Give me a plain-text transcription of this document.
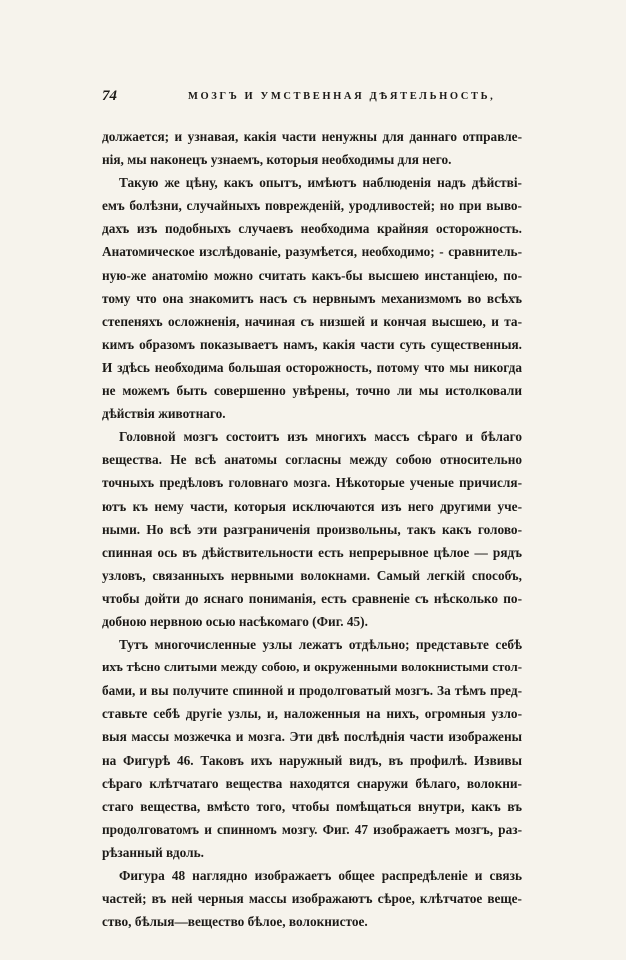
74	МОЗГЪ И УМСТВЕННАЯ ДѢЯТЕЛЬНОСТЬ,
должается; и узнавая, какія части ненужны для даннаго отправле-
нія, мы наконецъ узнаемъ, которыя необходимы для него.
Такую же цѣну, какъ опытъ, имѣютъ наблюденія надъ дѣйстві-
емъ болѣзни, случайныхъ поврежденій, уродливостей; но при выво-
дахъ изъ подобныхъ случаевъ необходима крайняя осторожность.
Анатомическое изслѣдованіе, разумѣется, необходимо; - сравнитель-
ную-же анатомію можно считать какъ-бы высшею инстанціею, по-
тому что она знакомитъ насъ съ нервнымъ механизмомъ во всѣхъ
степеняхъ осложненія, начиная съ низшей и кончая высшею, и та-
кимъ образомъ показываетъ намъ, какія части суть существенныя.
И здѣсь необходима большая осторожность, потому что мы никогда
не можемъ быть совершенно увѣрены, точно ли мы истолковали
дѣйствія животнаго.
Головной мозгъ состоитъ изъ многихъ массъ сѣраго и бѣлаго
вещества. Не всѣ анатомы согласны между собою относительно
точныхъ предѣловъ головнаго мозга. Нѣкоторые ученые причисля-
ютъ къ нему части, которыя исключаются изъ него другими уче-
ными. Но всѣ эти разграниченія произвольны, такъ какъ голово-
спинная ось въ дѣйствительности есть непрерывное цѣлое — рядъ
узловъ, связанныхъ нервными волокнами. Самый легкій способъ,
чтобы дойти до яснаго пониманія, есть сравненіе съ нѣсколько по-
добною нервною осью насѣкомаго (Фиг. 45).
Тутъ многочисленные узлы лежатъ отдѣльно; представьте себѣ
ихъ тѣсно слитыми между собою, и окруженными волокнистыми стол-
бами, и вы получите спинной и продолговатый мозгъ. За тѣмъ пред-
ставьте себѣ другіе узлы, и, наложенныя на нихъ, огромныя узло-
выя массы мозжечка и мозга. Эти двѣ послѣднія части изображены
на Фигурѣ 46. Таковъ ихъ наружный видъ, въ профилѣ. Извивы
сѣраго клѣтчатаго вещества находятся снаружи бѣлаго, волокни-
стаго вещества, вмѣсто того, чтобы помѣщаться внутри, какъ въ
продолговатомъ и спинномъ мозгу. Фиг. 47 изображаетъ мозгъ, раз-
рѣзанный вдоль.
Фигура 48 наглядно изображаетъ общее распредѣленіе и связь
частей; въ ней черныя массы изображаютъ сѣрое, клѣтчатое веще-
ство, бѣлыя—вещество бѣлое, волокнистое.
